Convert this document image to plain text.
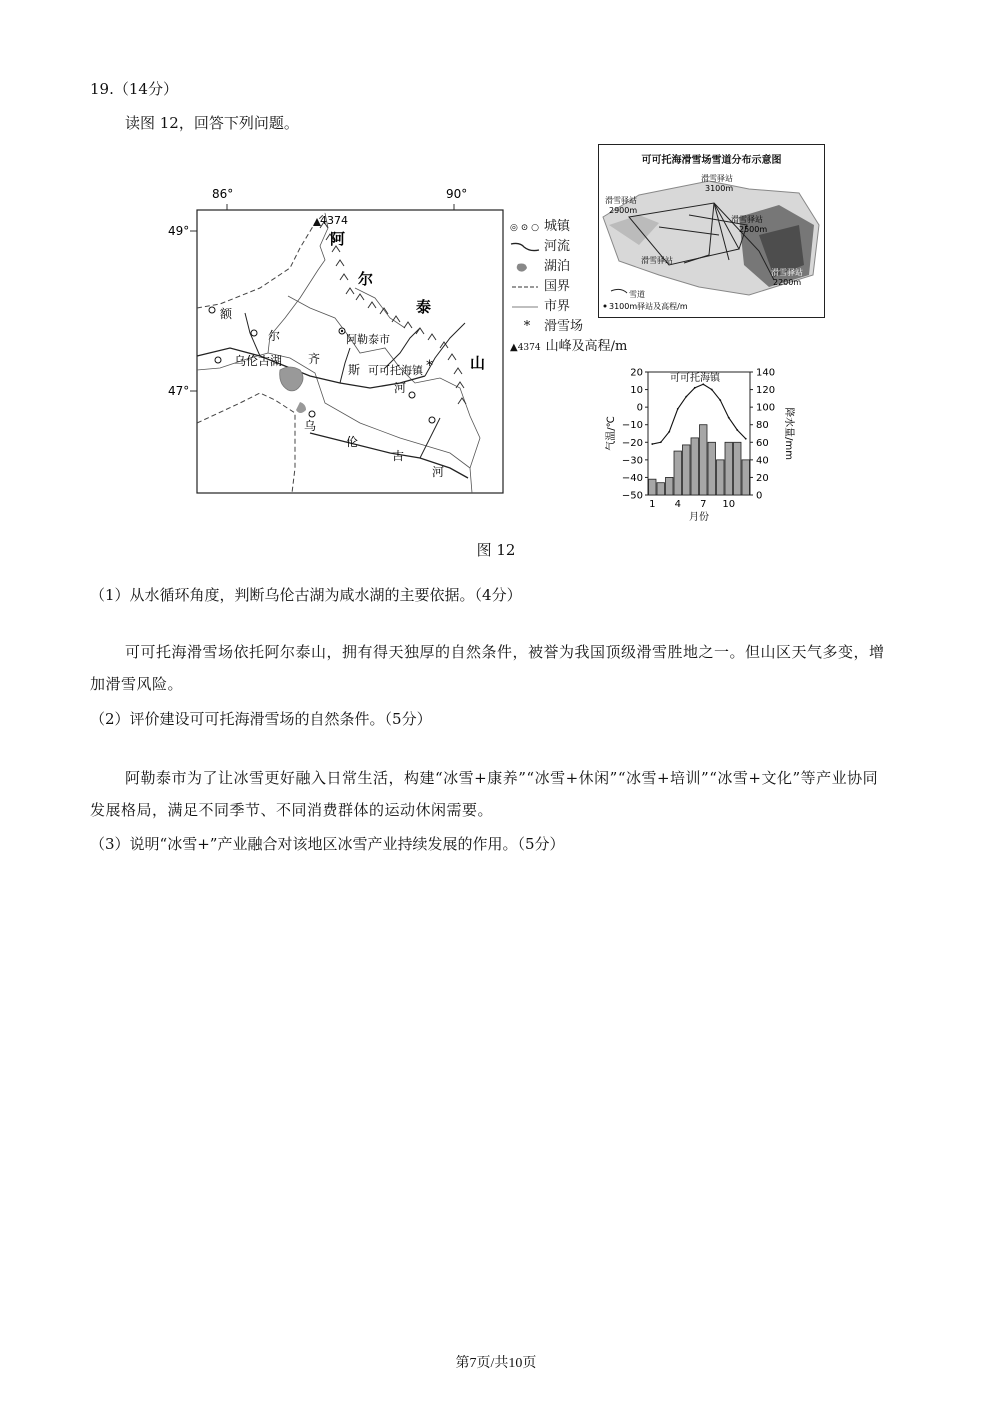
19.（14分）
读图 12，回答下列问题。
86°	90°
49°
47°
4374
阿
尔
泰
山
额
尔
齐
斯
河
乌
伦
古
河
乌伦古湖
阿勒泰市
可可托海镇 *
◎ ⊙ ○ 城镇
河流
湖泊
国界
市界
* 滑雪场
▲4374 山峰及高程/m
可可托海滑雪场雪道分布示意图
滑雪驿站
3100m
滑雪驿站
2900m
滑雪驿站
2500m
滑雪驿站
滑雪驿站
2200m
雪道
3100m驿站及高程/m
20
10
0
−10
−20
−30
−40
−50
140
120
100
80
60
40
20
0
1 4 7 10
月份
可可托海镇
气温/℃	降水量/mm
图 12
（1）从水循环角度，判断乌伦古湖为咸水湖的主要依据。（4分）
可可托海滑雪场依托阿尔泰山，拥有得天独厚的自然条件，被誉为我国顶级滑雪胜地之一。但山区天气多变，增加滑雪风险。
（2）评价建设可可托海滑雪场的自然条件。（5分）
阿勒泰市为了让冰雪更好融入日常生活，构建“冰雪+康养”“冰雪+休闲”“冰雪+培训”“冰雪+文化”等产业协同发展格局，满足不同季节、不同消费群体的运动休闲需要。
（3）说明“冰雪+”产业融合对该地区冰雪产业持续发展的作用。（5分）
第7页/共10页
